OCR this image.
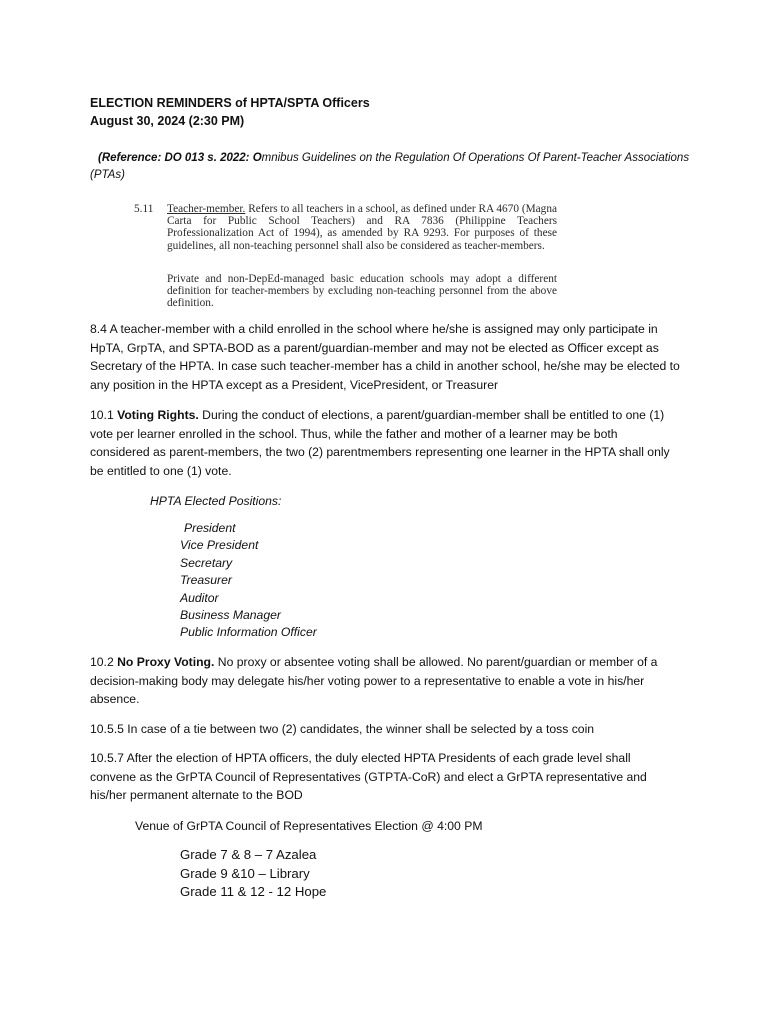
ELECTION REMINDERS of HPTA/SPTA Officers

August 30, 2024 (2:30 PM)

(Reference: DO 013 s. 2022: Omnibus Guidelines on the Regulation Of Operations Of Parent-Teacher Associations (PTAs)

5.11 Teacher-member. Refers to all teachers in a school, as defined under RA 4670 (Magna Carta for Public School Teachers) and RA 7836 (Philippine Teachers Professionalization Act of 1994), as amended by RA 9293. For purposes of these guidelines, all non-teaching personnel shall also be considered as teacher-members.
Private and non-DepEd-managed basic education schools may adopt a different definition for teacher-members by excluding non-teaching personnel from the above definition.

8.4 A teacher-member with a child enrolled in the school where he/she is assigned may only participate in HpTA, GrpTA, and SPTA-BOD as a parent/guardian-member and may not be elected as Officer except as Secretary of the HPTA. In case such teacher-member has a child in another school, he/she may be elected to any position in the HPTA except as a President, VicePresident, or Treasurer

10.1 Voting Rights. During the conduct of elections, a parent/guardian-member shall be entitled to one (1) vote per learner enrolled in the school. Thus, while the father and mother of a learner may be both considered as parent-members, the two (2) parentmembers representing one learner in the HPTA shall only be entitled to one (1) vote.

HPTA Elected Positions:

President
Vice President
Secretary
Treasurer
Auditor
Business Manager
Public Information Officer

10.2 No Proxy Voting. No proxy or absentee voting shall be allowed. No parent/guardian or member of a decision-making body may delegate his/her voting power to a representative to enable a vote in his/her absence.

10.5.5 In case of a tie between two (2) candidates, the winner shall be selected by a toss coin

10.5.7 After the election of HPTA officers, the duly elected HPTA Presidents of each grade level shall convene as the GrPTA Council of Representatives (GTPTA-CoR) and elect a GrPTA representative and his/her permanent alternate to the BOD

Venue of GrPTA Council of Representatives Election @ 4:00 PM

Grade 7 & 8 – 7 Azalea
Grade 9 &10 – Library
Grade 11 & 12 - 12 Hope
